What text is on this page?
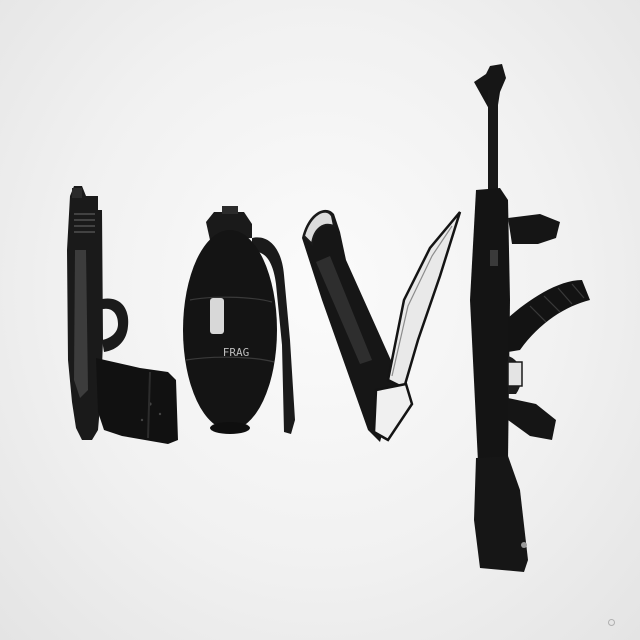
FRAG
